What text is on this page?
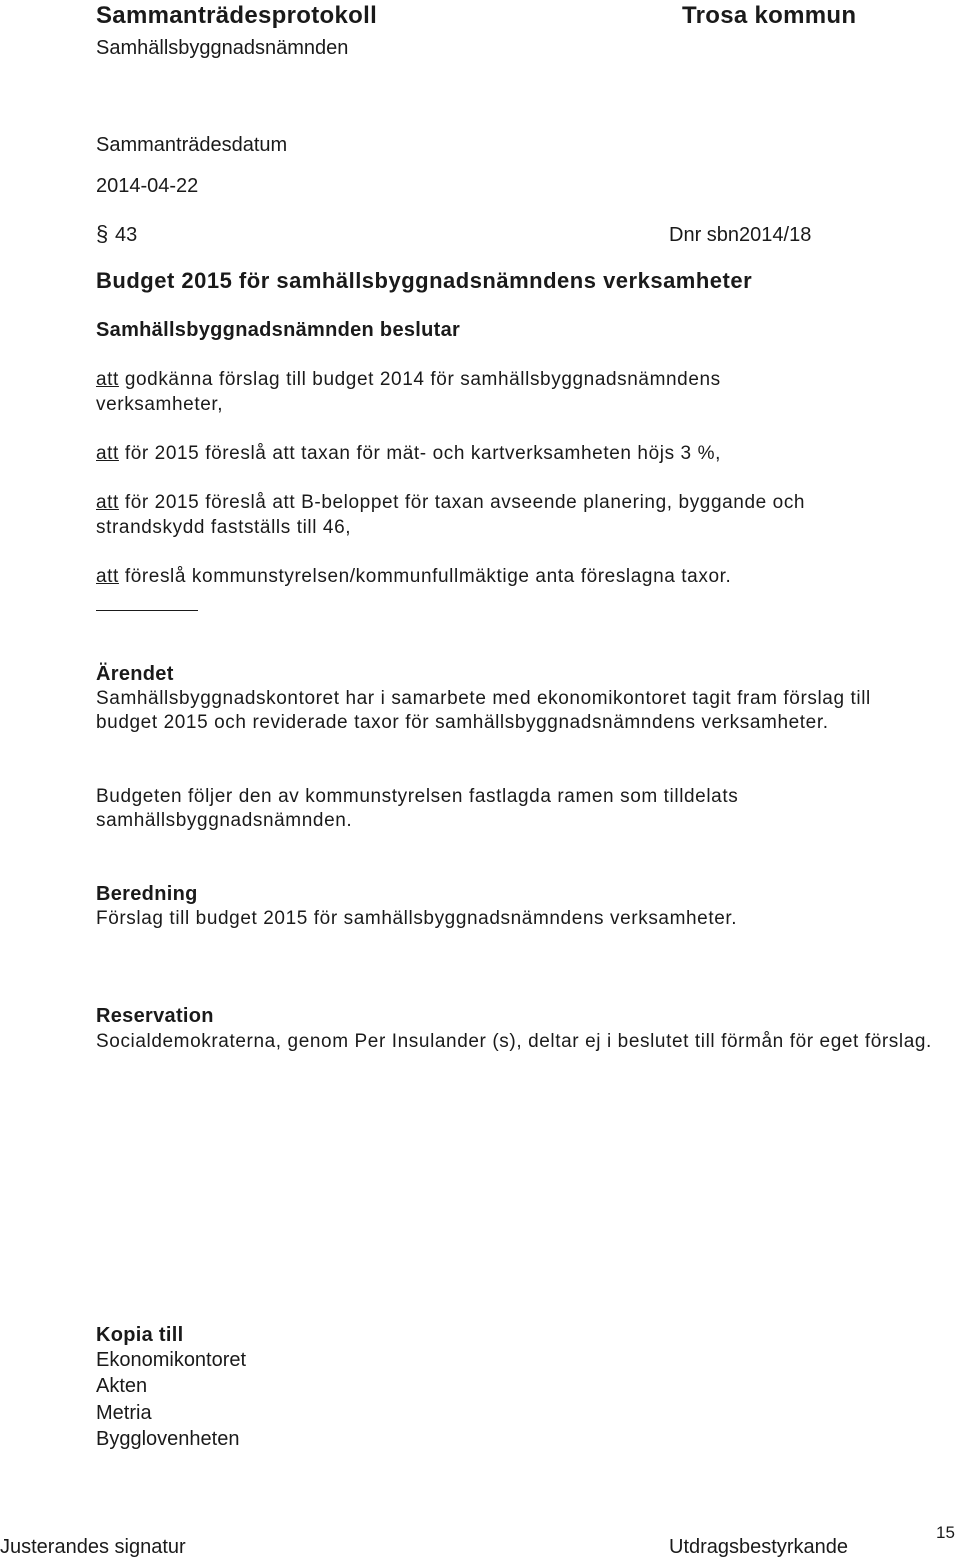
Sammanträdesprotokoll	Trosa kommun
Samhällsbyggnadsnämnden
Sammanträdesdatum
2014-04-22
§ 43	Dnr sbn2014/18
Budget 2015 för samhällsbyggnadsnämndens verksamheter
Samhällsbyggnadsnämnden beslutar
att godkänna förslag till budget 2014 för samhällsbyggnadsnämndens
verksamheter,
att för 2015 föreslå att taxan för mät- och kartverksamheten höjs 3 %,
att för 2015 föreslå att B-beloppet för taxan avseende planering, byggande och
strandskydd fastställs till 46,
att föreslå kommunstyrelsen/kommunfullmäktige anta föreslagna taxor.
Ärendet
Samhällsbyggnadskontoret har i samarbete med ekonomikontoret tagit fram förslag till budget 2015 och reviderade taxor för samhällsbyggnadsnämndens verksamheter.
Budgeten följer den av kommunstyrelsen fastlagda ramen som tilldelats samhällsbyggnadsnämnden.
Beredning
Förslag till budget 2015 för samhällsbyggnadsnämndens verksamheter.
Reservation
Socialdemokraterna, genom Per Insulander (s), deltar ej i beslutet till förmån för eget förslag.
Kopia till
Ekonomikontoret
Akten
Metria
Bygglovenheten
Justerandes signatur	Utdragsbestyrkande
15
